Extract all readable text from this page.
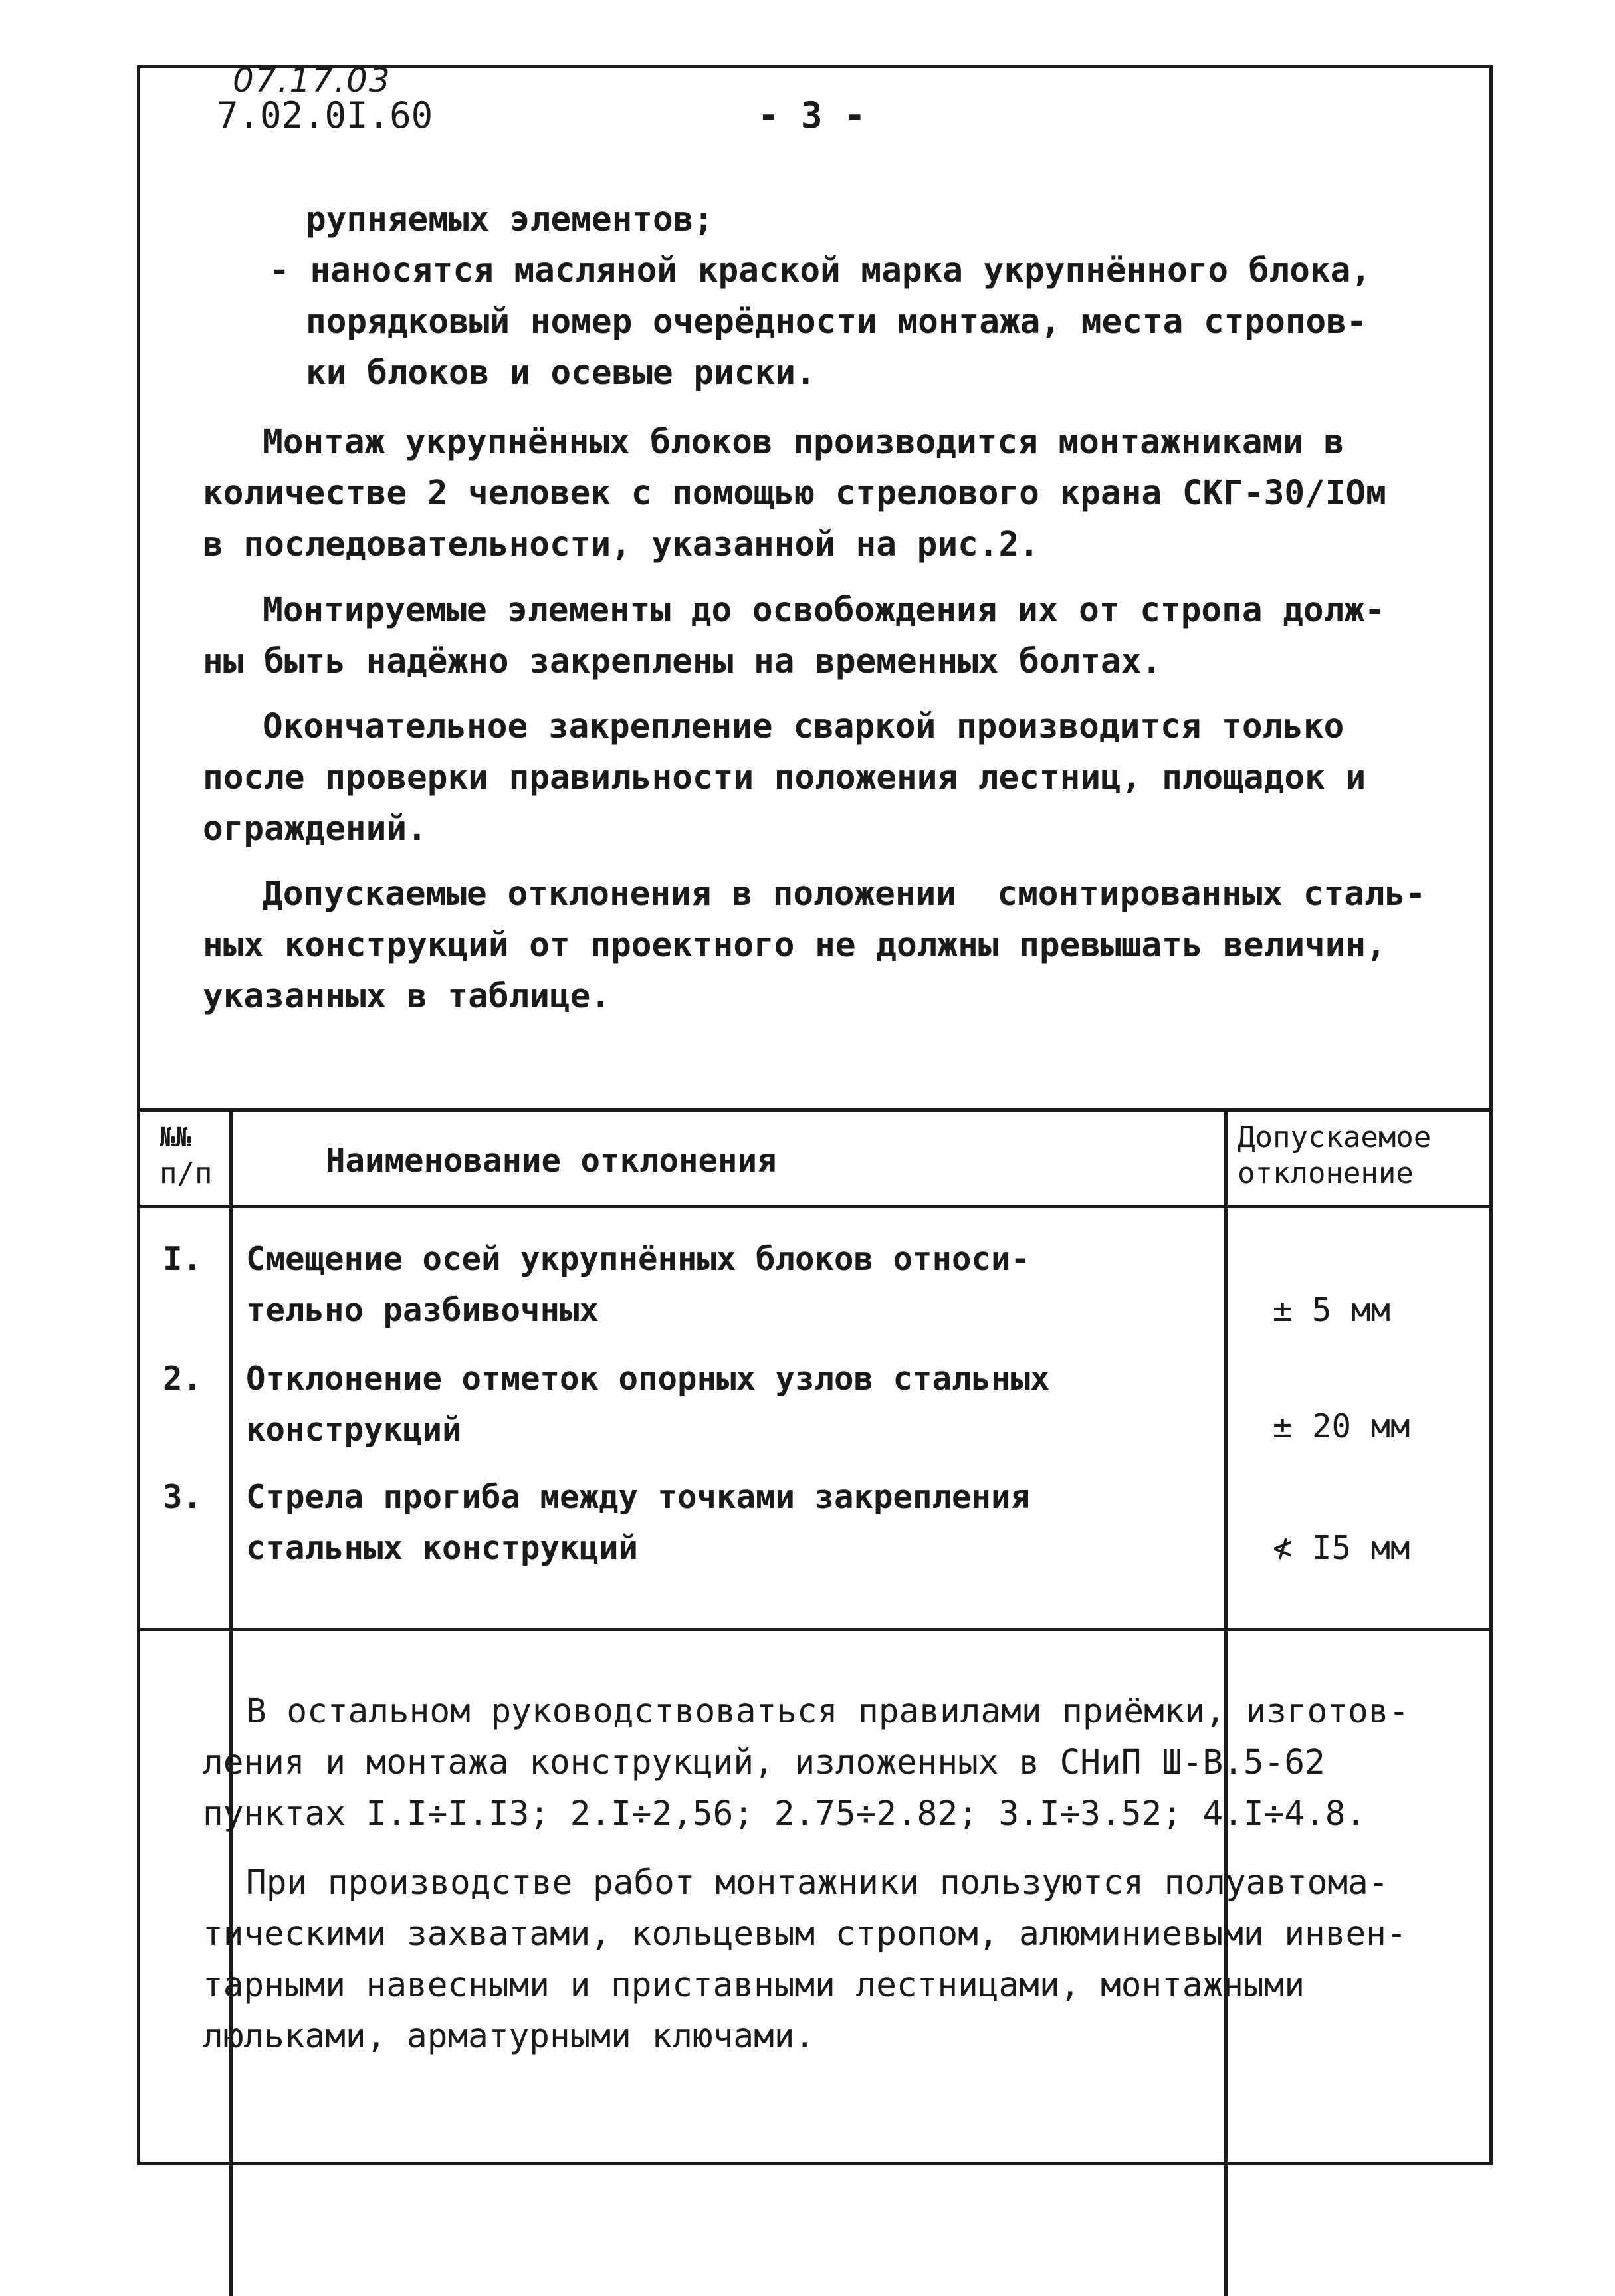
07.17.03
7.02.0I.60	- 3 -
рупняемых элементов;
- наносятся масляной краской марка укрупнённого блока,
порядковый номер очерёдности монтажа, места стропов-
ки блоков и осевые риски.
Монтаж укрупнённых блоков производится монтажниками в
количестве 2 человек с помощью стрелового крана СКГ-30/IОм
в последовательности, указанной на рис.2.
Монтируемые элементы до освобождения их от стропа долж-
ны быть надёжно закреплены на временных болтах.
Окончательное закрепление сваркой производится только
после проверки правильности положения лестниц, площадок и
ограждений.
Допускаемые отклонения в положении  смонтированных сталь-
ных конструкций от проектного не должны превышать величин,
указанных в таблице.
№№
п/п	Наименование отклонения
Допускаемое
отклонение
I. Смещение осей укрупнённых блоков относи-
тельно разбивочных	± 5 мм
2. Отклонение отметок опорных узлов стальных
конструкций	± 20 мм
3. Стрела прогиба между точками закрепления
стальных конструкций	≮ I5 мм
В остальном руководствоваться правилами приёмки, изготов-
ления и монтажа конструкций, изложенных в СНиП Ш-В.5-62
пунктах I.I÷I.I3; 2.I÷2,56; 2.75÷2.82; 3.I÷3.52; 4.I÷4.8.
При производстве работ монтажники пользуются полуавтома-
тическими захватами, кольцевым стропом, алюминиевыми инвен-
тарными навесными и приставными лестницами, монтажными
люльками, арматурными ключами.
